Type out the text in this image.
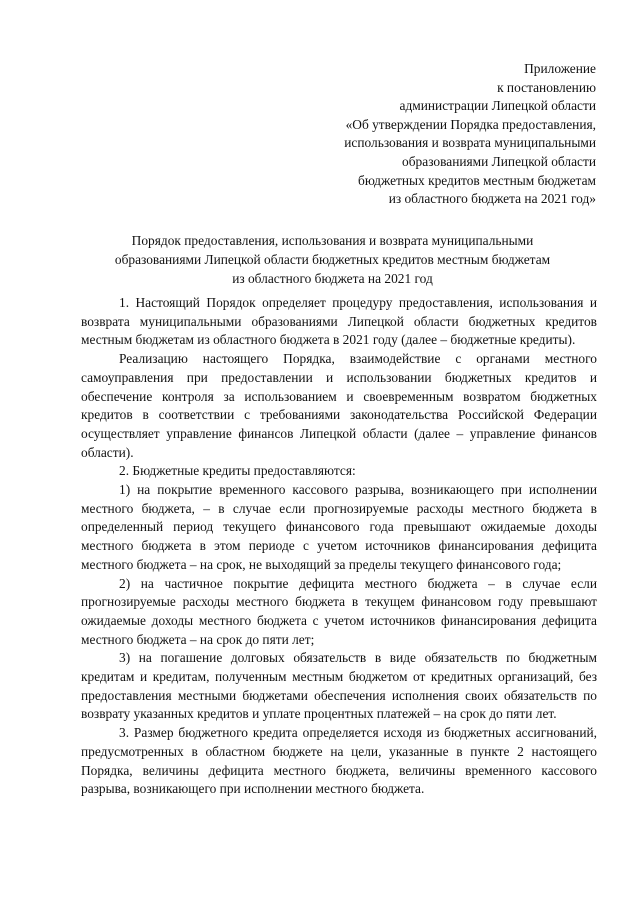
Приложение
к постановлению
администрации Липецкой области
«Об утверждении Порядка предоставления,
использования и возврата муниципальными
образованиями Липецкой области
бюджетных кредитов местным бюджетам
из областного бюджета на 2021 год»
Порядок предоставления, использования и возврата муниципальными
образованиями Липецкой области бюджетных кредитов местным бюджетам
из областного бюджета на 2021 год

1. Настоящий Порядок определяет процедуру предоставления, использования и возврата муниципальными образованиями Липецкой области бюджетных кредитов местным бюджетам из областного бюджета в 2021 году (далее – бюджетные кредиты).

Реализацию настоящего Порядка, взаимодействие с органами местного самоуправления при предоставлении и использовании бюджетных кредитов и обеспечение контроля за использованием и своевременным возвратом бюджетных кредитов в соответствии с требованиями законодательства Российской Федерации осуществляет управление финансов Липецкой области (далее – управление финансов области).

2. Бюджетные кредиты предоставляются:

1) на покрытие временного кассового разрыва, возникающего при исполнении местного бюджета, – в случае если прогнозируемые расходы местного бюджета в определенный период текущего финансового года превышают ожидаемые доходы местного бюджета в этом периоде с учетом источников финансирования дефицита местного бюджета – на срок, не выходящий за пределы текущего финансового года;

2) на частичное покрытие дефицита местного бюджета – в случае если прогнозируемые расходы местного бюджета в текущем финансовом году превышают ожидаемые доходы местного бюджета с учетом источников финансирования дефицита местного бюджета – на срок до пяти лет;

3) на погашение долговых обязательств в виде обязательств по бюджетным кредитам и кредитам, полученным местным бюджетом от кредитных организаций, без предоставления местными бюджетами обеспечения исполнения своих обязательств по возврату указанных кредитов и уплате процентных платежей – на срок до пяти лет.

3. Размер бюджетного кредита определяется исходя из бюджетных ассигнований, предусмотренных в областном бюджете на цели, указанные в пункте 2 настоящего Порядка, величины дефицита местного бюджета, величины временного кассового разрыва, возникающего при исполнении местного бюджета.
